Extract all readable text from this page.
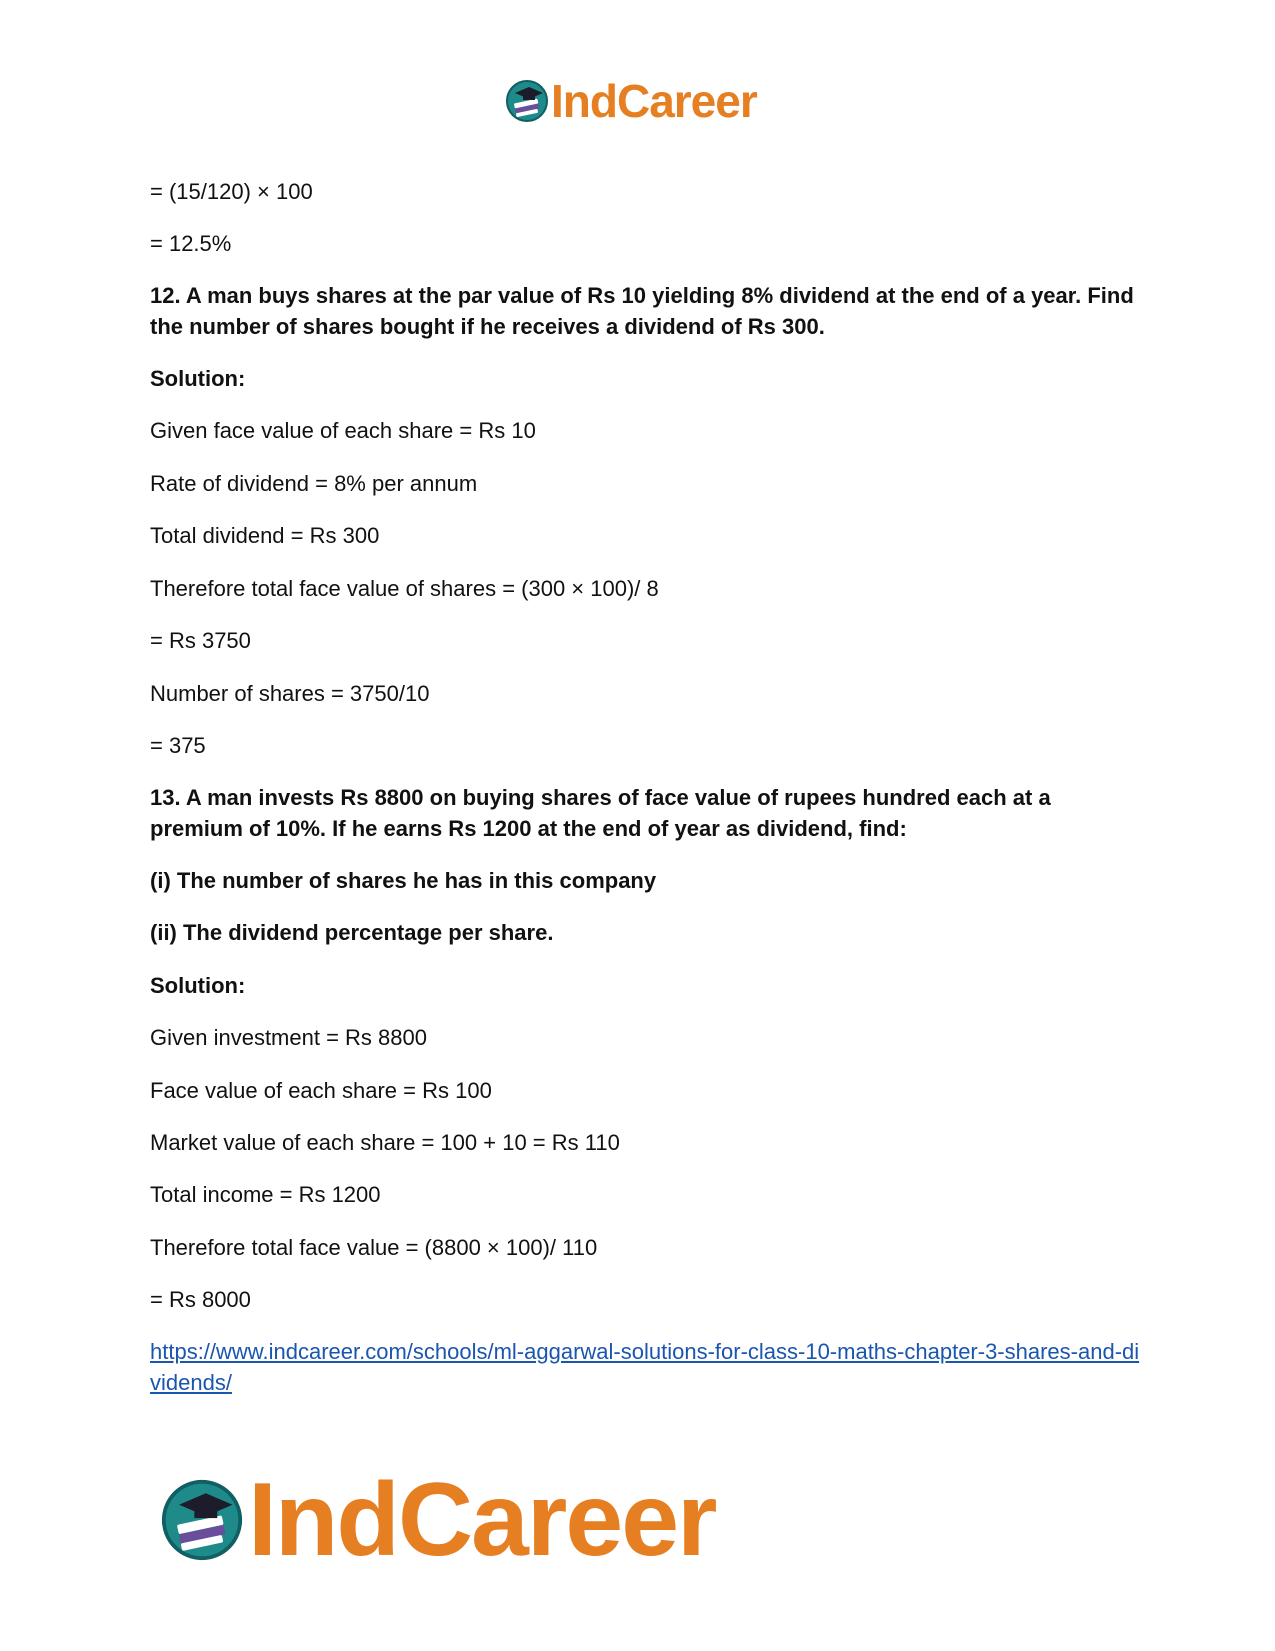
IndCareer

= (15/120) × 100

= 12.5%

12. A man buys shares at the par value of Rs 10 yielding 8% dividend at the end of a year. Find the number of shares bought if he receives a dividend of Rs 300.

Solution:

Given face value of each share = Rs 10

Rate of dividend = 8% per annum

Total dividend = Rs 300

Therefore total face value of shares = (300 × 100)/ 8

= Rs 3750

Number of shares = 3750/10

= 375

13. A man invests Rs 8800 on buying shares of face value of rupees hundred each at a premium of 10%. If he earns Rs 1200 at the end of year as dividend, find:

(i) The number of shares he has in this company

(ii) The dividend percentage per share.

Solution:

Given investment = Rs 8800

Face value of each share = Rs 100

Market value of each share = 100 + 10 = Rs 110

Total income = Rs 1200

Therefore total face value = (8800 × 100)/ 110

= Rs 8000

https://www.indcareer.com/schools/ml-aggarwal-solutions-for-class-10-maths-chapter-3-shares-and-dividends/

IndCareer
